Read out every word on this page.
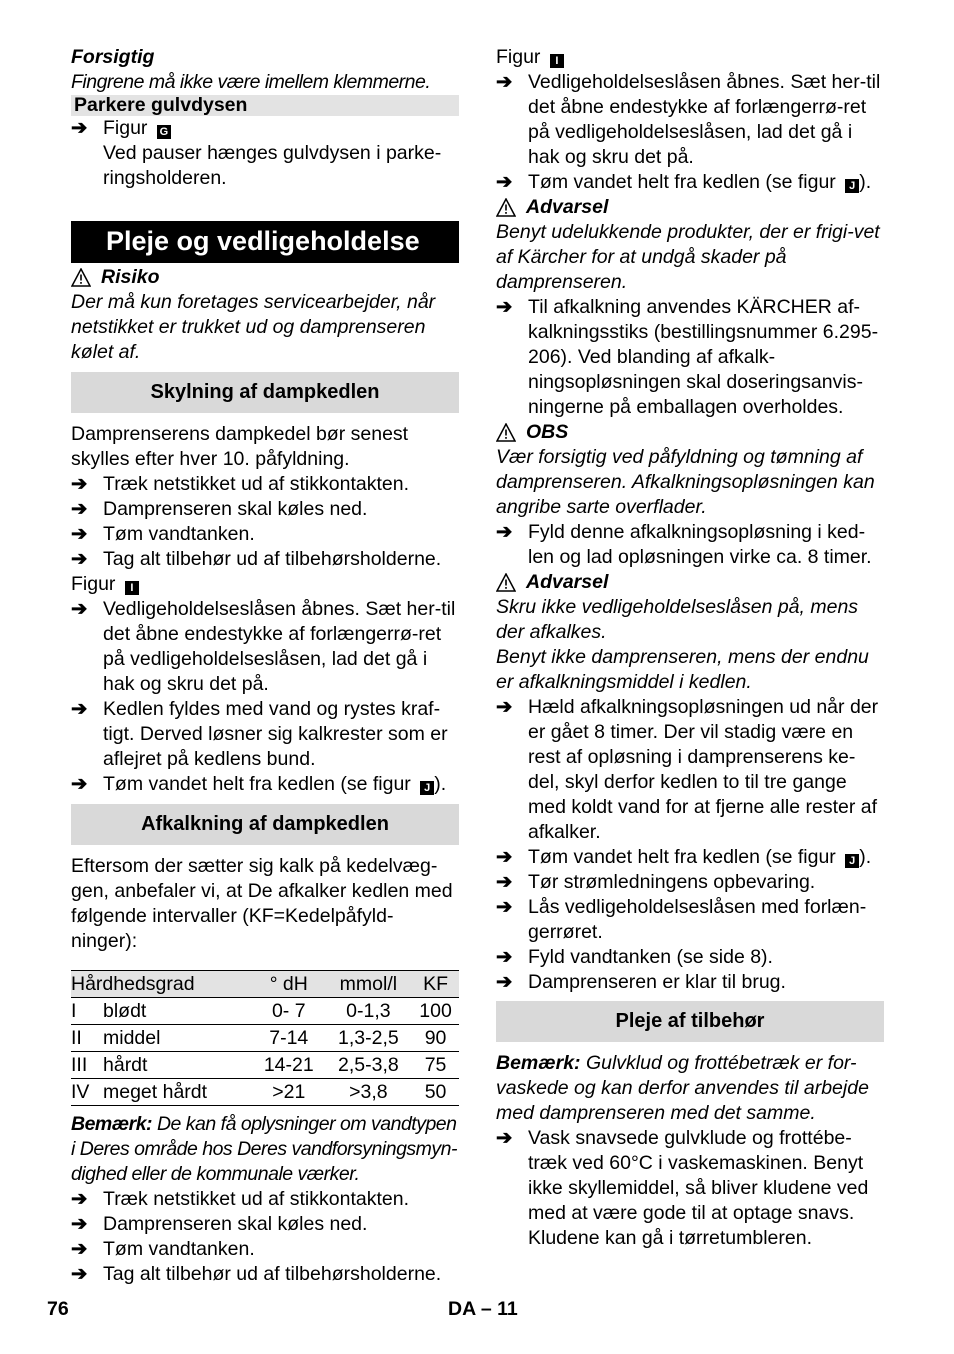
Forsigtig

Fingrene må ikke være imellem klemmerne.

Parkere gulvdysen

➔ Figur G
Ved pauser hænges gulvdysen i parke-ringsholderen.
Pleje og vedligeholdelse
Risiko

Der må kun foretages servicearbejder, når netstikket er trukket ud og damprenseren kølet af.

Skylning af dampkedlen

Damprenserens dampkedel bør senest skylles efter hver 10. påfyldning.

➔ Træk netstikket ud af stikkontakten.
➔ Damprenseren skal køles ned.
➔ Tøm vandtanken.
➔ Tag alt tilbehør ud af tilbehørsholderne.

Figur I

➔ Vedligeholdelseslåsen åbnes. Sæt her-til det åbne endestykke af forlængerrø-ret på vedligeholdelseslåsen, lad det gå i hak og skru det på.
➔ Kedlen fyldes med vand og rystes kraf-tigt. Derved løsner sig kalkrester som er aflejret på kedlens bund.
➔ Tøm vandet helt fra kedlen (se figur J ).
Afkalkning af dampkedlen

Eftersom der sætter sig kalk på kedelvæg-gen, anbefaler vi, at De afkalker kedlen med følgende intervaller (KF=Kedelpåfyld-ninger):

Hårdhedsgrad		° dH	mmol/l	KF
I	blødt	0- 7	0-1,3	100
II	middel	7-14	1,3-2,5	90
III	hårdt	14-21	2,5-3,8	75
IV	meget hårdt	>21	>3,8	50

Bemærk: De kan få oplysninger om vandtypen i Deres område hos Deres vandforsyningsmyn-dighed eller de kommunale værker.

➔ Træk netstikket ud af stikkontakten.
➔ Damprenseren skal køles ned.
➔ Tøm vandtanken.
➔ Tag alt tilbehør ud af tilbehørsholderne.

Figur I

➔ Vedligeholdelseslåsen åbnes. Sæt her-til det åbne endestykke af forlængerrø-ret på vedligeholdelseslåsen, lad det gå i hak og skru det på.
➔ Tøm vandet helt fra kedlen (se figur J ).
Advarsel

Benyt udelukkende produkter, der er frigi-vet af Kärcher for at undgå skader på damprenseren.

➔ Til afkalkning anvendes KÄRCHER af-kalkningsstiks (bestillingsnummer 6.295-206). Ved blanding af afkalk-ningsopløsningen skal doseringsanvis-ningerne på emballagen overholdes.
OBS

Vær forsigtig ved påfyldning og tømning af damprenseren. Afkalkningsopløsningen kan angribe sarte overflader.

➔ Fyld denne afkalkningsopløsning i ked-len og lad opløsningen virke ca. 8 timer.
Advarsel

Skru ikke vedligeholdelseslåsen på, mens der afkalkes.

Benyt ikke damprenseren, mens der endnu er afkalkningsmiddel i kedlen.

➔ Hæld afkalkningsopløsningen ud når der er gået 8 timer. Der vil stadig være en rest af opløsning i damprenserens ke-del, skyl derfor kedlen to til tre gange med koldt vand for at fjerne alle rester af afkalker.
➔ Tøm vandet helt fra kedlen (se figur J ).
➔ Tør strømledningens opbevaring.
➔ Lås vedligeholdelseslåsen med forlæn-gerrøret.
➔ Fyld vandtanken (se side 8).
➔ Damprenseren er klar til brug.
Pleje af tilbehør

Bemærk: Gulvklud og frottébetræk er for-vaskede og kan derfor anvendes til arbejde med damprenseren med det samme.

➔ Vask snavsede gulvklude og frottébe-træk ved 60°C i vaskemaskinen. Benyt ikke skyllemiddel, så bliver kludene ved med at være gode til at optage snavs. Kludene kan gå i tørretumbleren.
76	DA – 11
